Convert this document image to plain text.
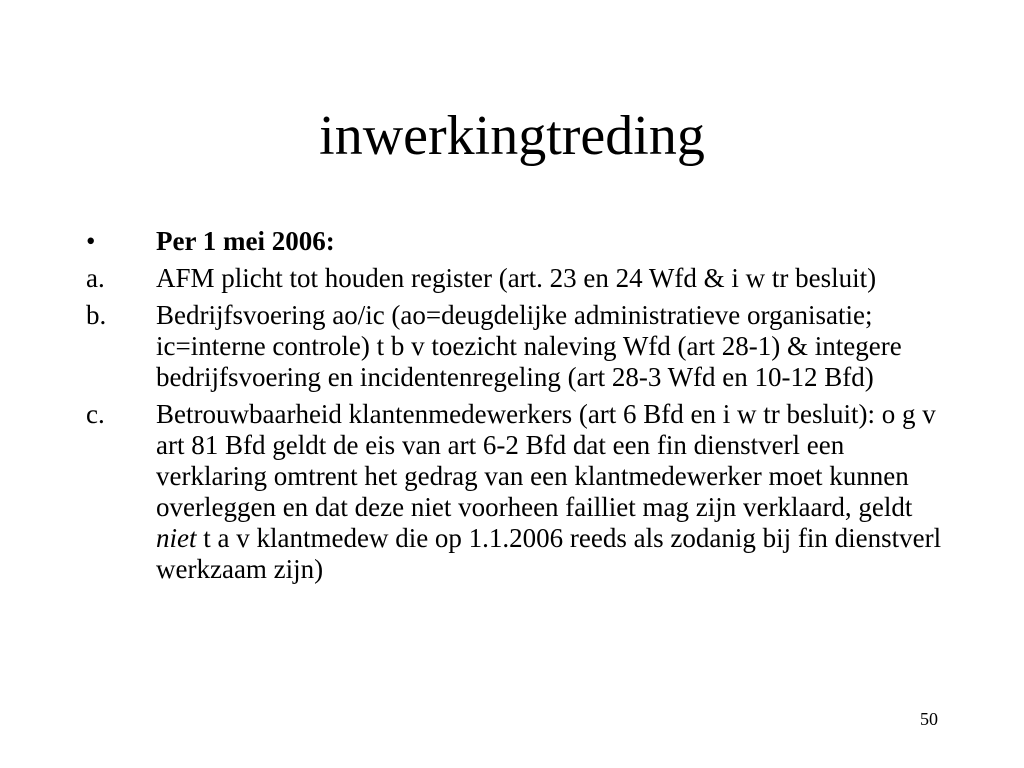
inwerkingtreding
•	Per 1 mei 2006:
a.	AFM plicht tot houden register (art. 23 en 24 Wfd & i w tr besluit)
b.	Bedrijfsvoering ao/ic (ao=deugdelijke administratieve organisatie; ic=interne controle) t b v toezicht naleving Wfd (art 28-1) & integere bedrijfsvoering en incidentenregeling (art 28-3 Wfd en 10-12 Bfd)
c.	Betrouwbaarheid klantenmedewerkers (art 6 Bfd en i w tr besluit): o g v art 81 Bfd geldt de eis van art 6-2 Bfd dat een fin dienstverl een verklaring omtrent het gedrag van een klantmedewerker moet kunnen overleggen en dat deze niet voorheen failliet mag zijn verklaard, geldt niet t a v klantmedew die op 1.1.2006 reeds als zodanig bij fin dienstverl werkzaam zijn)
50
